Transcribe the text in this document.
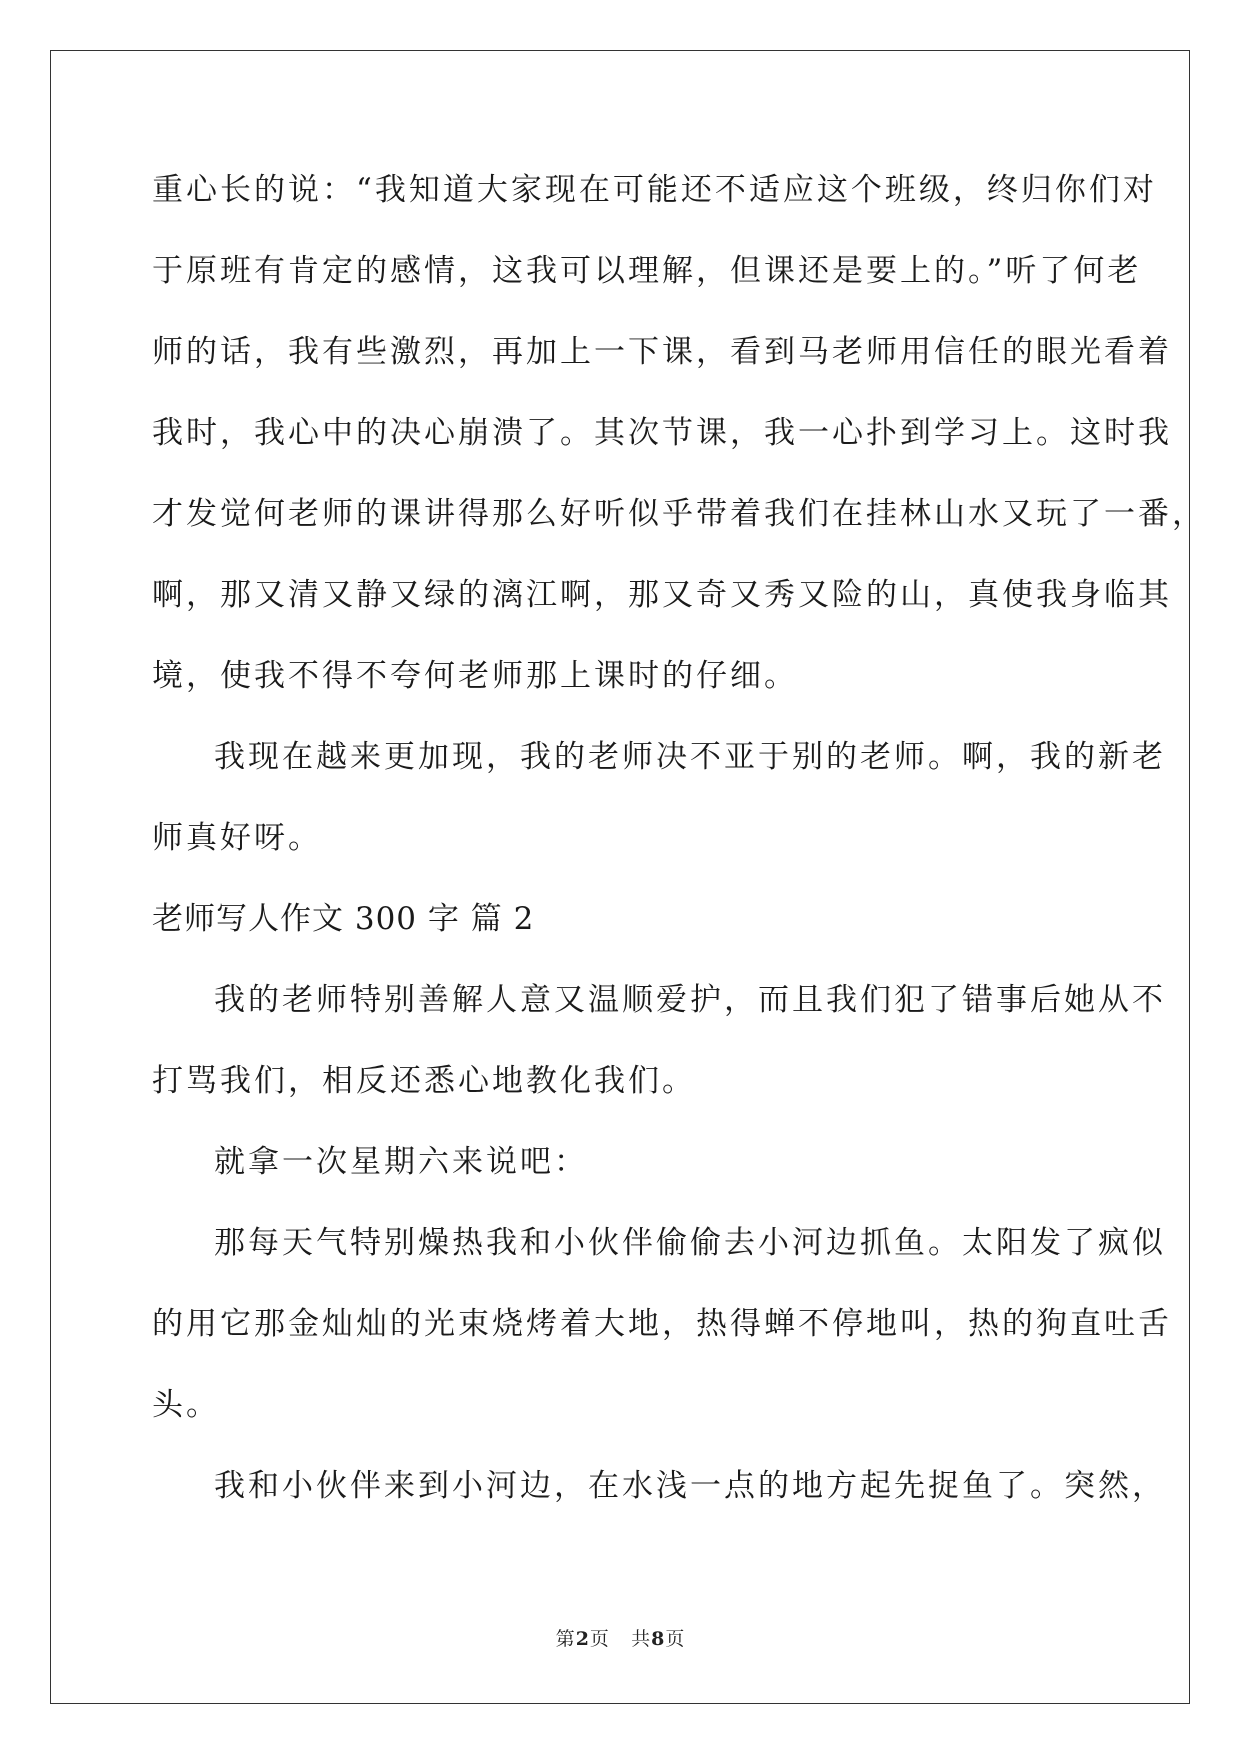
重心长的说：“我知道大家现在可能还不适应这个班级，终归你们对
于原班有肯定的感情，这我可以理解，但课还是要上的。”听了何老
师的话，我有些激烈，再加上一下课，看到马老师用信任的眼光看着
我时，我心中的决心崩溃了。其次节课，我一心扑到学习上。这时我
才发觉何老师的课讲得那么好听似乎带着我们在挂林山水又玩了一番，
啊，那又清又静又绿的漓江啊，那又奇又秀又险的山，真使我身临其
境，使我不得不夸何老师那上课时的仔细。
我现在越来更加现，我的老师决不亚于别的老师。啊，我的新老
师真好呀。
老师写人作文 300 字 篇 2
我的老师特别善解人意又温顺爱护，而且我们犯了错事后她从不
打骂我们，相反还悉心地教化我们。
就拿一次星期六来说吧：
那每天气特别燥热我和小伙伴偷偷去小河边抓鱼。太阳发了疯似
的用它那金灿灿的光束烧烤着大地，热得蝉不停地叫，热的狗直吐舌
头。
我和小伙伴来到小河边，在水浅一点的地方起先捉鱼了。突然，
第2页 共8页
